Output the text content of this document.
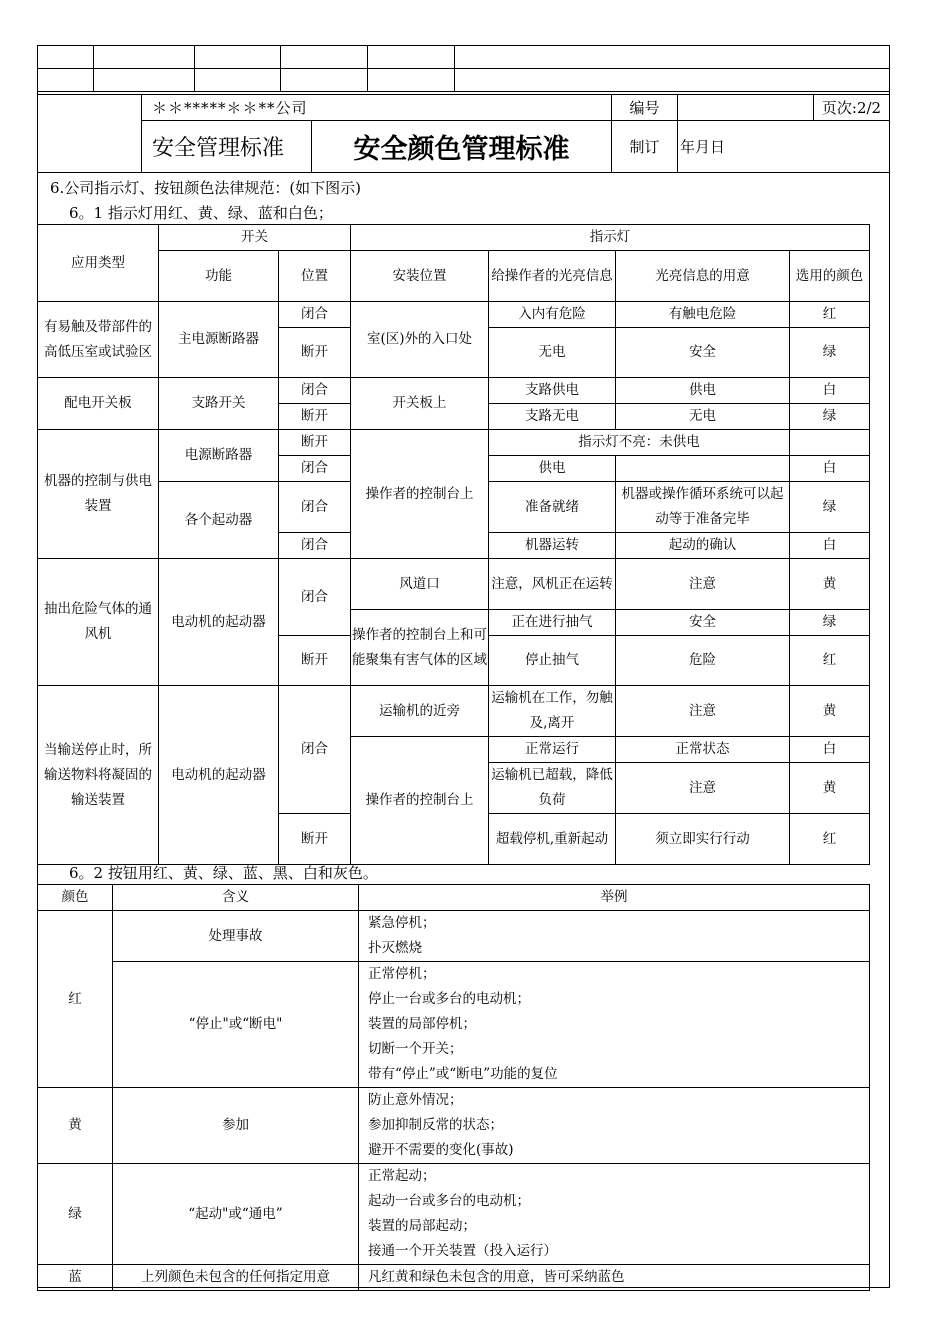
	＊＊*****＊＊**公司		编号		页次:2/2
	安全管理标准	安全颜色管理标准	制订	年月日	
6.公司指示灯、按钮颜色法律规范：(如下图示)
6。1 指示灯用红、黄、绿、蓝和白色；
应用类型	开关		指示灯			
	功能	位置	安装位置	给操作者的光亮信息	光亮信息的用意	选用的颜色
有易触及带部件的高低压室或试验区	主电源断路器	闭合	室(区)外的入口处	入内有危险	有触电危险	红
		断开		无电	安全	绿
配电开关板	支路开关	闭合	开关板上	支路供电	供电	白
		断开		支路无电	无电	绿
机器的控制与供电装置	电源断路器	断开	操作者的控制台上	指示灯不亮：未供电		
		闭合		供电		白
	各个起动器	闭合		准备就绪	机器或操作循环系统可以起动等于准备完毕	绿
		闭合		机器运转	起动的确认	白
抽出危险气体的通风机	电动机的起动器	闭合	风道口	注意，风机正在运转	注意	黄
			操作者的控制台上和可能聚集有害气体的区域	正在进行抽气	安全	绿
		断开		停止抽气	危险	红
当输送停止时，所输送物料将凝固的输送装置	电动机的起动器	闭合	运输机的近旁	运输机在工作，勿触及,离开	注意	黄
			操作者的控制台上	正常运行	正常状态	白
				运输机已超载，降低负荷	注意	黄
		断开		超载停机,重新起动	须立即实行行动	红
6。2 按钮用红、黄、绿、蓝、黑、白和灰色。
颜色	含义	举例
红	处理事故	紧急停机；
扑灭燃烧

	“停止"或“断电"	正常停机；
停止一台或多台的电动机；
装置的局部停机；
切断一个开关；
带有“停止”或“断电”功能的复位

黄	参加	防止意外情况；
参加抑制反常的状态；
避开不需要的变化(事故)

绿	“起动"或“通电”	正常起动；
起动一台或多台的电动机；
装置的局部起动；
接通一个开关装置（投入运行）

蓝	上列颜色未包含的任何指定用意	凡红黄和绿色未包含的用意，皆可采纳蓝色
